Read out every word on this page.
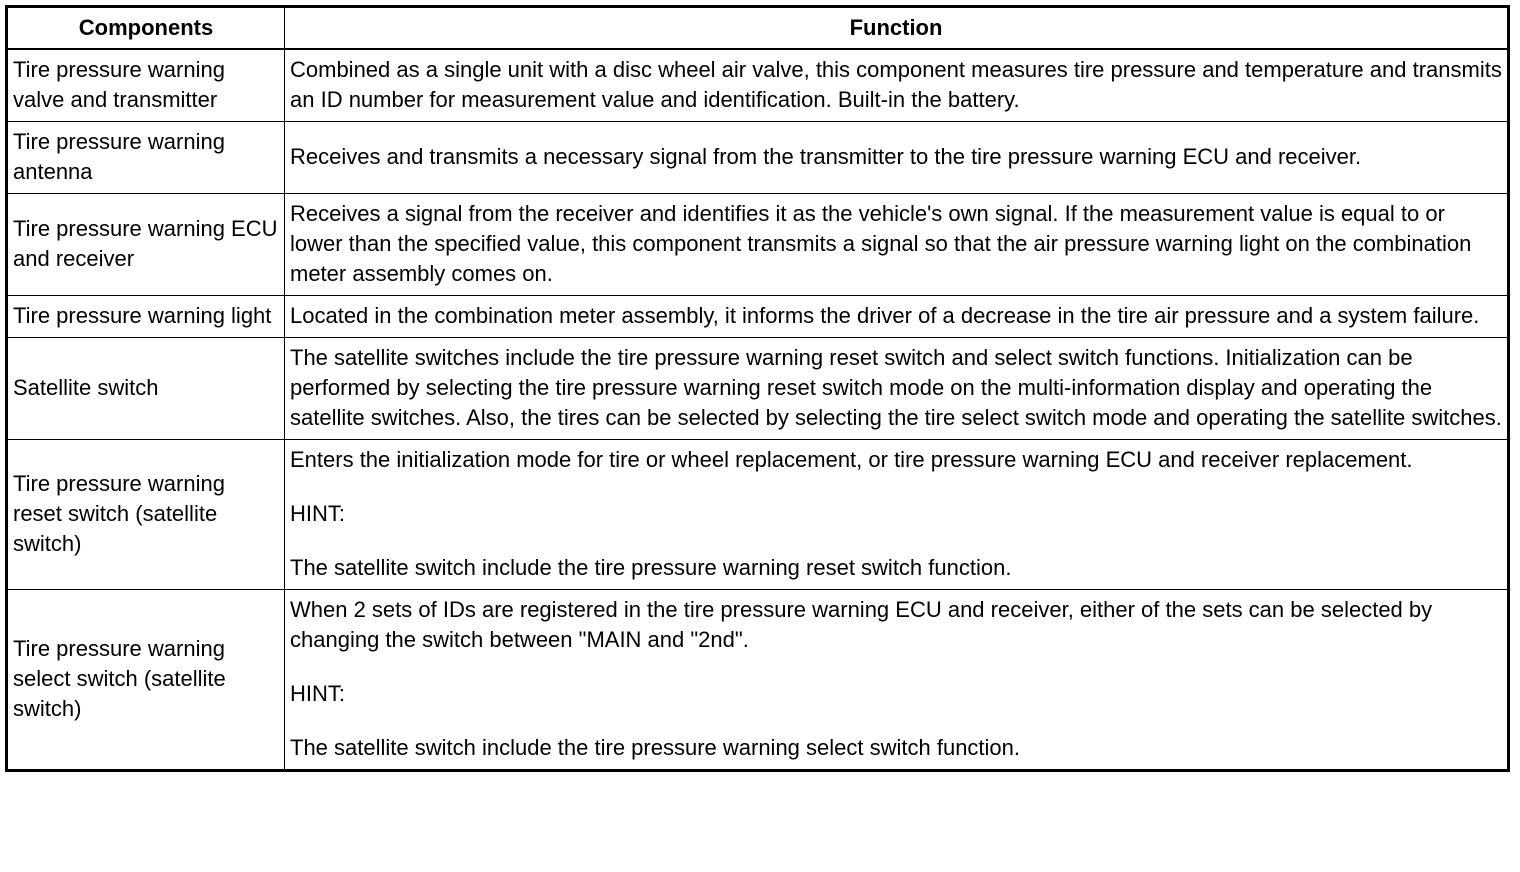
Components	Function
Tire pressure warning valve and transmitter	Combined as a single unit with a disc wheel air valve, this component measures tire pressure and temperature and transmits an ID number for measurement value and identification. Built-in the battery.

Tire pressure warning antenna	Receives and transmits a necessary signal from the transmitter to the tire pressure warning ECU and receiver.

Tire pressure warning ECU and receiver	Receives a signal from the receiver and identifies it as the vehicle's own signal. If the measurement value is equal to or lower than the specified value, this component transmits a signal so that the air pressure warning light on the combination meter assembly comes on.

Tire pressure warning light	Located in the combination meter assembly, it informs the driver of a decrease in the tire air pressure and a system failure.

Satellite switch	The satellite switches include the tire pressure warning reset switch and select switch functions. Initialization can be performed by selecting the tire pressure warning reset switch mode on the multi-information display and operating the satellite switches. Also, the tires can be selected by selecting the tire select switch mode and operating the satellite switches.

Tire pressure warning reset switch (satellite switch)	Enters the initialization mode for tire or wheel replacement, or tire pressure warning ECU and receiver replacement.

HINT:

The satellite switch include the tire pressure warning reset switch function.

Tire pressure warning select switch (satellite switch)	When 2 sets of IDs are registered in the tire pressure warning ECU and receiver, either of the sets can be selected by changing the switch between "MAIN and "2nd".

HINT:

The satellite switch include the tire pressure warning select switch function.
